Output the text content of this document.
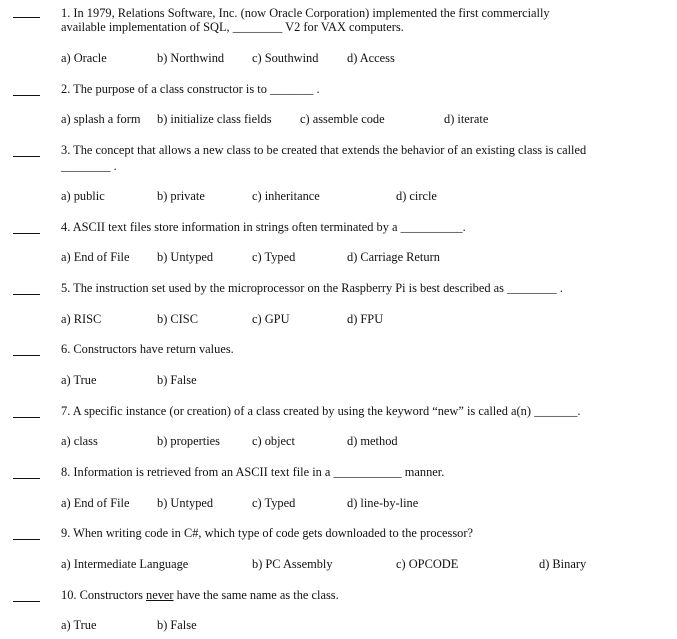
1. In 1979, Relations Software, Inc. (now Oracle Corporation) implemented the first commercially
available implementation of SQL, ________ V2 for VAX computers.
a) Oracle	b) Northwind c) Southwind d) Access
2. The purpose of a class constructor is to _______ .
a) splash a form b) initialize class fields c) assemble code	d) iterate
3. The concept that allows a new class to be created that extends the behavior of an existing class is called
________ .
a) public	b) private	c) inheritance	d) circle
4. ASCII text files store information in strings often terminated by a __________.
a) End of File b) Untyped	c) Typed	d) Carriage Return
5. The instruction set used by the microprocessor on the Raspberry Pi is best described as ________ .
a) RISC	b) CISC	c) GPU	d) FPU
6. Constructors have return values.
a) True	b) False
7. A specific instance (or creation) of a class created by using the keyword “new” is called a(n) _______.
a) class	b) properties	c) object	d) method
8. Information is retrieved from an ASCII text file in a ___________ manner.
a) End of File b) Untyped	c) Typed	d) line-by-line
9. When writing code in C#, which type of code gets downloaded to the processor?
a) Intermediate Language	b) PC Assembly	c) OPCODE	d) Binary
10. Constructors never have the same name as the class.
a) True	b) False
